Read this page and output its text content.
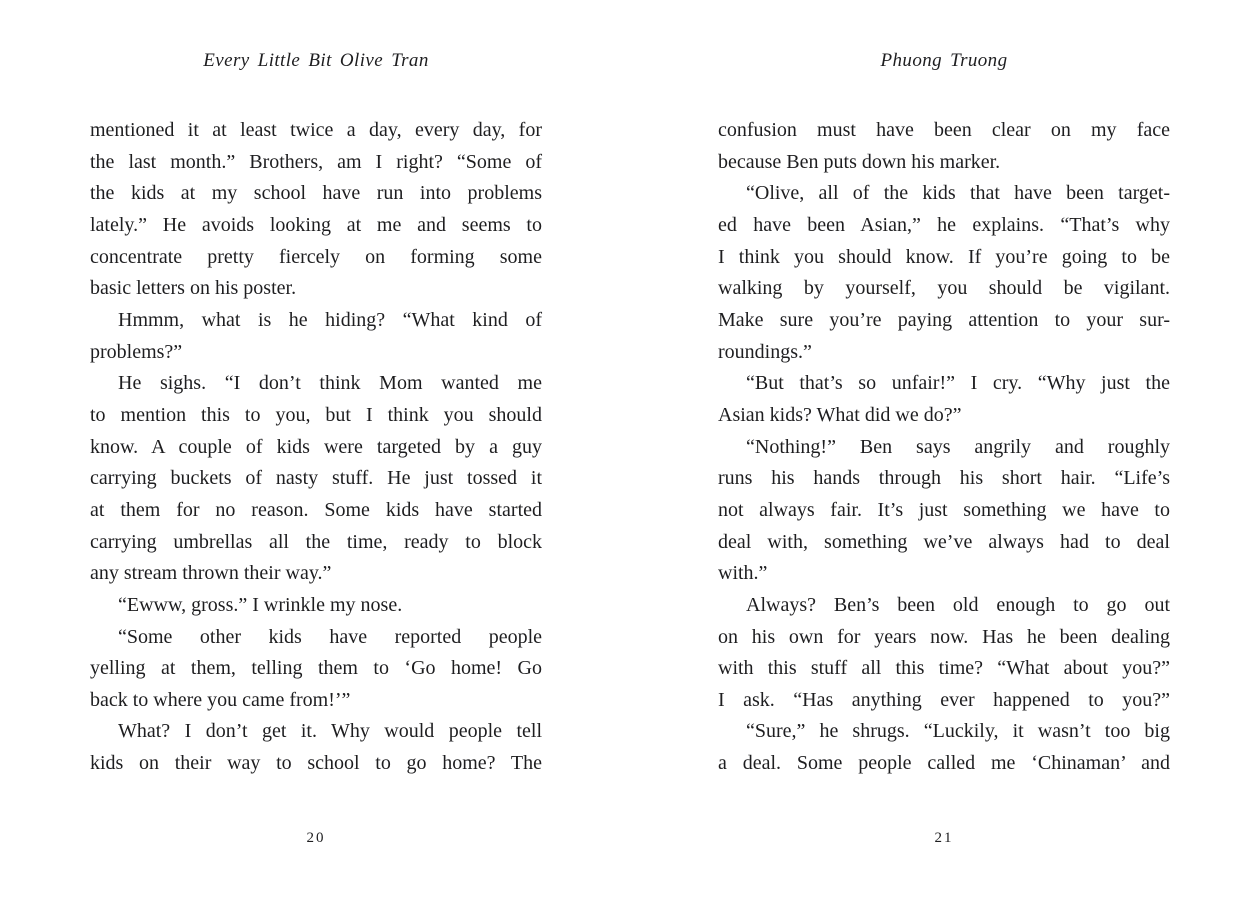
Every Little Bit Olive Tran
mentioned it at least twice a day, every day, for
the last month.” Brothers, am I right? “Some of
the kids at my school have run into problems
lately.” He avoids looking at me and seems to
concentrate pretty fiercely on forming some
basic letters on his poster.
Hmmm, what is he hiding? “What kind of
problems?”
He sighs. “I don’t think Mom wanted me
to mention this to you, but I think you should
know. A couple of kids were targeted by a guy
carrying buckets of nasty stuff. He just tossed it
at them for no reason. Some kids have started
carrying umbrellas all the time, ready to block
any stream thrown their way.”
“Ewww, gross.” I wrinkle my nose.
“Some other kids have reported people
yelling at them, telling them to ‘Go home! Go
back to where you came from!’”
What? I don’t get it. Why would people tell
kids on their way to school to go home? The
20
Phuong Truong
confusion must have been clear on my face
because Ben puts down his marker.
“Olive, all of the kids that have been target-
ed have been Asian,” he explains. “That’s why
I think you should know. If you’re going to be
walking by yourself, you should be vigilant.
Make sure you’re paying attention to your sur-
roundings.”
“But that’s so unfair!” I cry. “Why just the
Asian kids? What did we do?”
“Nothing!” Ben says angrily and roughly
runs his hands through his short hair. “Life’s
not always fair. It’s just something we have to
deal with, something we’ve always had to deal
with.”
Always? Ben’s been old enough to go out
on his own for years now. Has he been dealing
with this stuff all this time? “What about you?”
I ask. “Has anything ever happened to you?”
“Sure,” he shrugs. “Luckily, it wasn’t too big
a deal. Some people called me ‘Chinaman’ and
21
